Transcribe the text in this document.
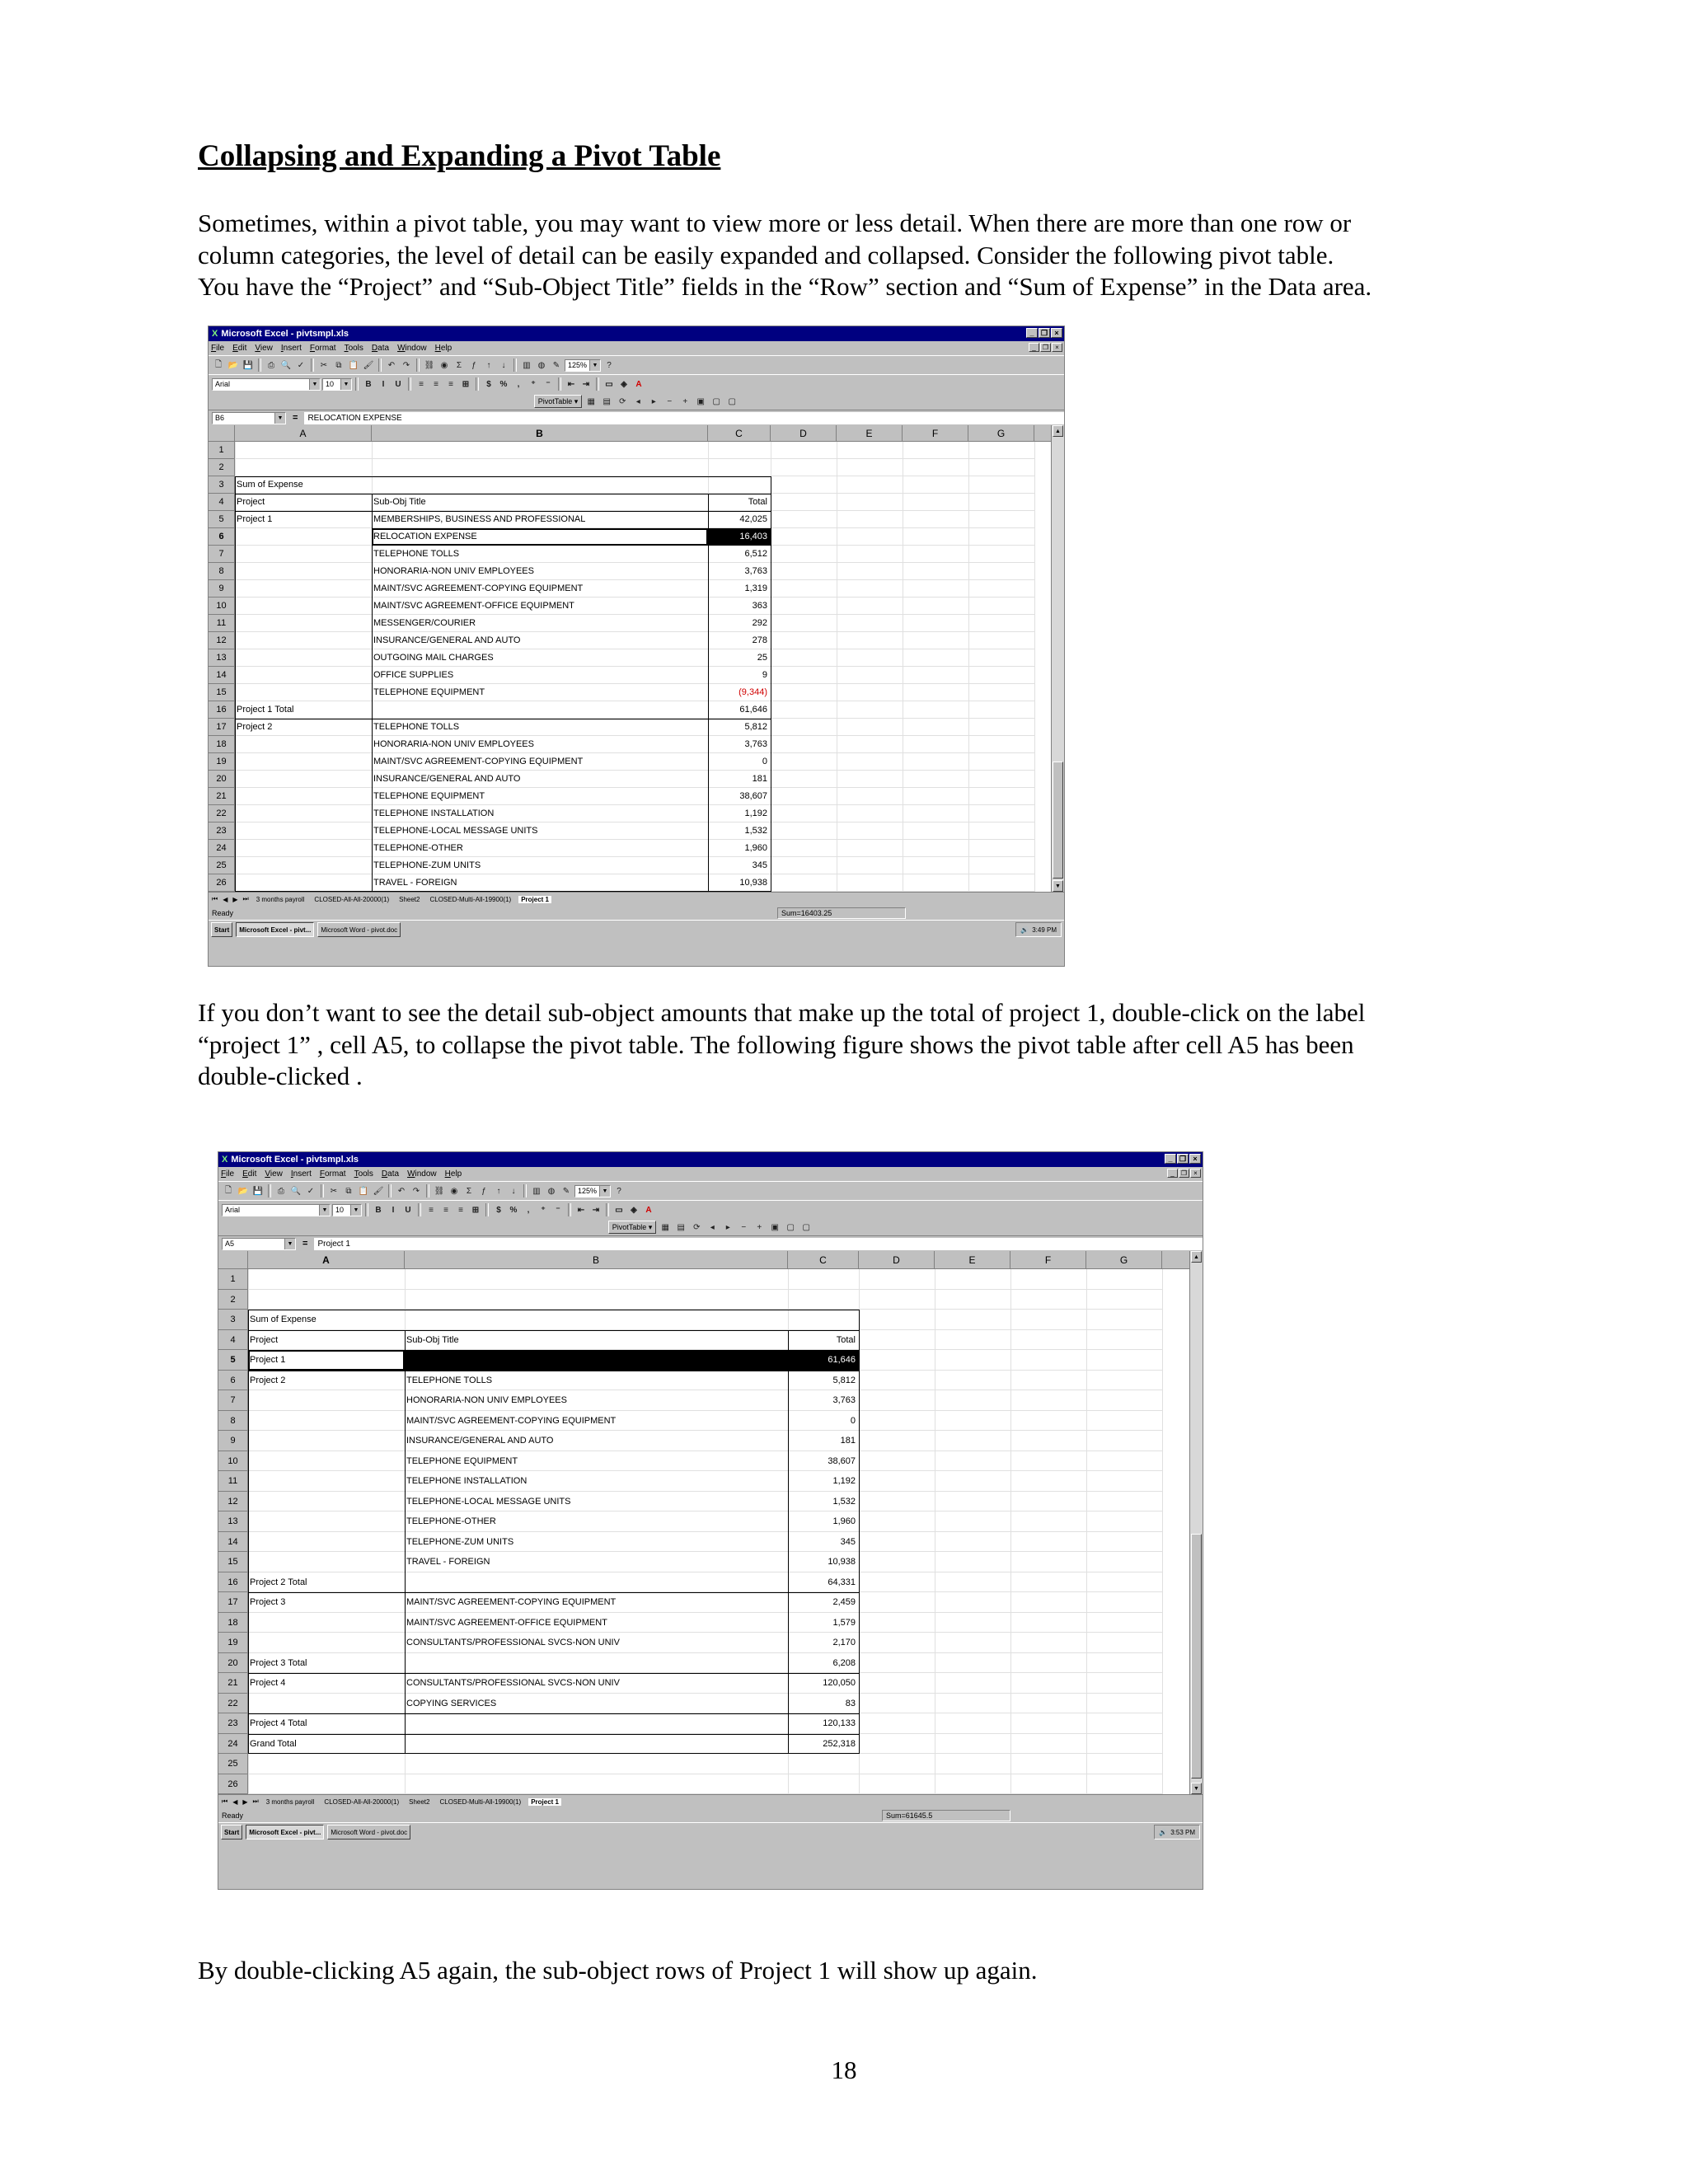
Collapsing and Expanding a Pivot Table

Sometimes, within a pivot table, you may want to view more or less detail. When there are more than one row or
column categories, the level of detail can be easily expanded and collapsed. Consider the following pivot table.
You have the “Project” and “Sub-Object Title” fields in the “Row” section and “Sum of Expense” in the Data area.

X Microsoft Excel - pivtsmpl.xls	_ ❐ ×
File Edit View Insert Format Tools Data Window Help	_	❐	×
🗋 📂 💾	⎙ 🔍 ✓	✂	⧉ 📋 🖌	↶ ↷	⛓ ◉	Σ	ƒ	↑	↓	▥ ◍ ✎	125% ▼	?
Arial	▼ 10	▼	B	I	U	≡	≡	≡	⊞	$	%	,	⁺	⁻	⇤ ⇥	▭ ◈	A
PivotTable ▾	▦ ▤	⟳	◂	▸	−	+	▣ ▢ ▢
B6	▼ =	RELOCATION EXPENSE
A	B	C	D	E	F	G
1
2
3	Sum of Expense
4	Project	Sub-Obj Title	Total
5	Project 1	MEMBERSHIPS, BUSINESS AND PROFESSIONAL	42,025
6	RELOCATION EXPENSE	16,403
7	TELEPHONE TOLLS	6,512
8	HONORARIA-NON UNIV EMPLOYEES	3,763
9	MAINT/SVC AGREEMENT-COPYING EQUIPMENT	1,319
10	MAINT/SVC AGREEMENT-OFFICE EQUIPMENT	363
11	MESSENGER/COURIER	292
12	INSURANCE/GENERAL AND AUTO	278
13	OUTGOING MAIL CHARGES	25
14	OFFICE SUPPLIES	9
15	TELEPHONE EQUIPMENT	(9,344)
16	Project 1 Total	61,646
17	Project 2	TELEPHONE TOLLS	5,812
18	HONORARIA-NON UNIV EMPLOYEES	3,763
19	MAINT/SVC AGREEMENT-COPYING EQUIPMENT	0
20	INSURANCE/GENERAL AND AUTO	181
21	TELEPHONE EQUIPMENT	38,607
22	TELEPHONE INSTALLATION	1,192
23	TELEPHONE-LOCAL MESSAGE UNITS	1,532
24	TELEPHONE-OTHER	1,960
25	TELEPHONE-ZUM UNITS	345
26	TRAVEL - FOREIGN	10,938
▲
▼
⏮ ◀ ▶ ⏭	3 months payroll	CLOSED-All-All-20000(1)	Sheet2	CLOSED-Multi-All-19900(1)	Project 1
Ready	Sum=16403.25
Start	Microsoft Excel - pivt...	Microsoft Word - pivot.doc	🔊 3:49 PM

If you don’t want to see the detail sub-object amounts that make up the total of project 1, double-click on the label
“project 1” , cell A5, to collapse the pivot table. The following figure shows the pivot table after cell A5 has been
double-clicked .

X Microsoft Excel - pivtsmpl.xls	_ ❐ ×
File Edit View Insert Format Tools Data Window Help	_	❐	×
🗋 📂 💾	⎙ 🔍 ✓	✂	⧉ 📋 🖌	↶ ↷	⛓ ◉	Σ	ƒ	↑	↓	▥ ◍ ✎	125% ▼	?
Arial	▼ 10	▼	B	I	U	≡	≡	≡	⊞	$	%	,	⁺	⁻	⇤ ⇥	▭ ◈	A
PivotTable ▾	▦ ▤	⟳	◂	▸	−	+	▣ ▢ ▢
A5	▼ =	Project 1
A	B	C	D	E	F	G
1
2
3	Sum of Expense
4	Project	Sub-Obj Title	Total
5	Project 1	61,646
6	Project 2	TELEPHONE TOLLS	5,812
7	HONORARIA-NON UNIV EMPLOYEES	3,763
8	MAINT/SVC AGREEMENT-COPYING EQUIPMENT	0
9	INSURANCE/GENERAL AND AUTO	181
10	TELEPHONE EQUIPMENT	38,607
11	TELEPHONE INSTALLATION	1,192
12	TELEPHONE-LOCAL MESSAGE UNITS	1,532
13	TELEPHONE-OTHER	1,960
14	TELEPHONE-ZUM UNITS	345
15	TRAVEL - FOREIGN	10,938
16	Project 2 Total	64,331
17	Project 3	MAINT/SVC AGREEMENT-COPYING EQUIPMENT	2,459
18	MAINT/SVC AGREEMENT-OFFICE EQUIPMENT	1,579
19	CONSULTANTS/PROFESSIONAL SVCS-NON UNIV	2,170
20	Project 3 Total	6,208
21	Project 4	CONSULTANTS/PROFESSIONAL SVCS-NON UNIV	120,050
22	COPYING SERVICES	83
23	Project 4 Total	120,133
24	Grand Total	252,318
25
26
▲
▼
⏮ ◀ ▶ ⏭	3 months payroll	CLOSED-All-All-20000(1)	Sheet2	CLOSED-Multi-All-19900(1)	Project 1
Ready	Sum=61645.5
Start	Microsoft Excel - pivt...	Microsoft Word - pivot.doc	🔊 3:53 PM

By double-clicking A5 again, the sub-object rows of Project 1 will show up again.

18
